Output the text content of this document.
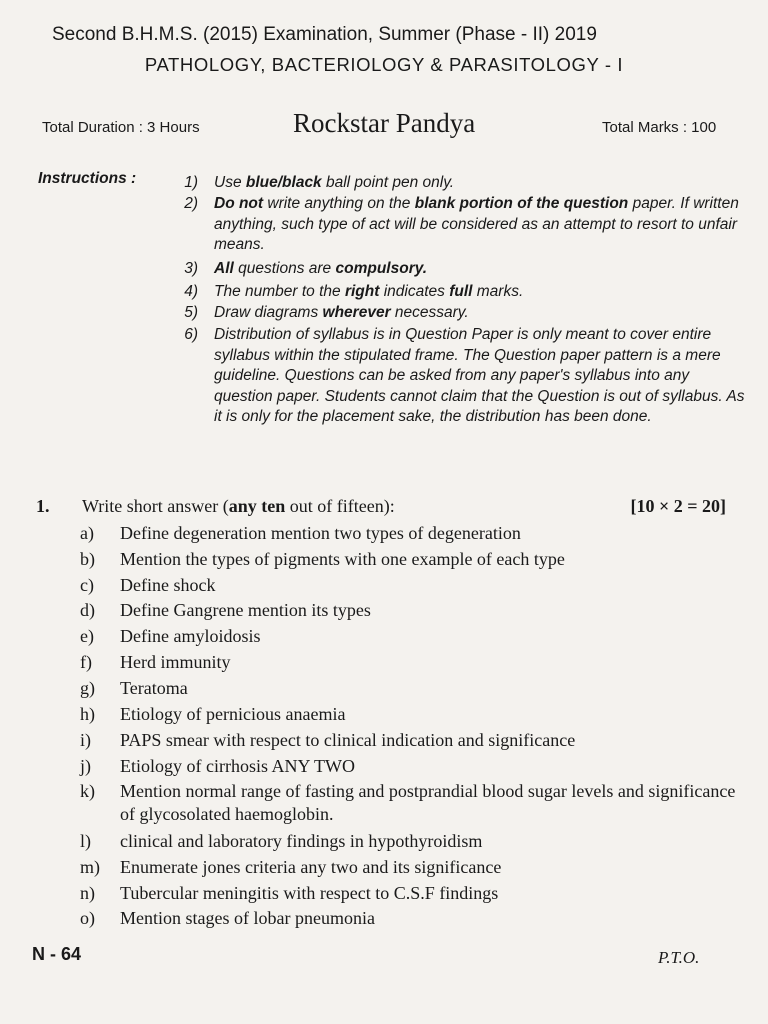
Second B.H.M.S. (2015) Examination, Summer (Phase - II) 2019
PATHOLOGY, BACTERIOLOGY & PARASITOLOGY - I
Total Duration : 3 Hours	Rockstar Pandya	Total Marks : 100
Instructions :	1) Use blue/black ball point pen only.
2) Do not write anything on the blank portion of the question paper. If written anything, such type of act will be considered as an attempt to resort to unfair means.
3) All questions are compulsory.
4) The number to the right indicates full marks.
5) Draw diagrams wherever necessary.
6) Distribution of syllabus is in Question Paper is only meant to cover entire syllabus within the stipulated frame. The Question paper pattern is a mere guideline. Questions can be asked from any paper's syllabus into any question paper. Students cannot claim that the Question is out of syllabus. As it is only for the placement sake, the distribution has been done.
1. Write short answer (any ten out of fifteen):	[10 × 2 = 20]
a)	Define degeneration mention two types of degeneration
b)	Mention the types of pigments with one example of each type
c)	Define shock
d)	Define Gangrene mention its types
e)	Define amyloidosis
f)	Herd immunity
g)	Teratoma
h)	Etiology of pernicious anaemia
i)	PAPS smear with respect to clinical indication and significance
j)	Etiology of cirrhosis ANY TWO
k)	Mention normal range of fasting and postprandial blood sugar levels and significance of glycosolated haemoglobin.
l)	clinical and laboratory findings in hypothyroidism
m)	Enumerate jones criteria any two and its significance
n)	Tubercular meningitis with respect to C.S.F findings
o)	Mention stages of lobar pneumonia
N - 64	P.T.O.
